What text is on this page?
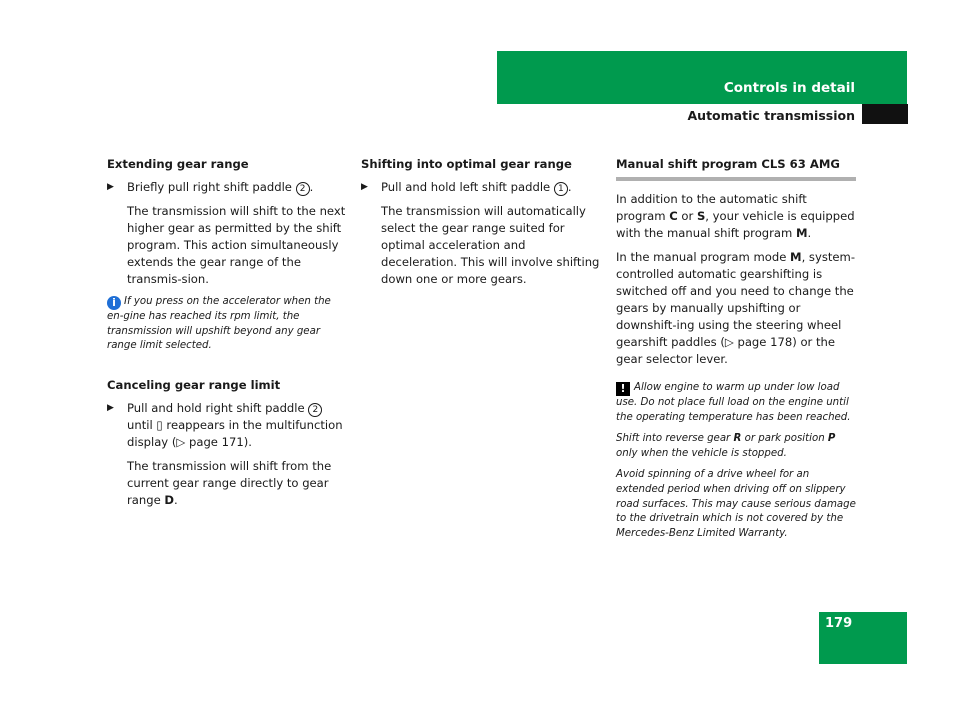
Controls in detail
Automatic transmission
Extending gear range
▶ Briefly pull right shift paddle 2 .
The transmission will shift to the next higher gear as permitted by the shift program. This action simultaneously extends the gear range of the transmis-sion.
i If you press on the accelerator when the en-gine has reached its rpm limit, the transmission will upshift beyond any gear range limit selected.
Canceling gear range limit
▶ Pull and hold right shift paddle 2 until ▯ reappears in the multifunction display (▷ page 171).
The transmission will shift from the current gear range directly to gear range D.
Shifting into optimal gear range
▶ Pull and hold left shift paddle 1 .
The transmission will automatically select the gear range suited for optimal acceleration and deceleration. This will involve shifting down one or more gears.
Manual shift program CLS 63 AMG
In addition to the automatic shift program C or S, your vehicle is equipped with the manual shift program M.
In the manual program mode M, system-controlled automatic gearshifting is switched off and you need to change the gears by manually upshifting or downshift-ing using the steering wheel gearshift paddles (▷ page 178) or the gear selector lever.
! Allow engine to warm up under low load use. Do not place full load on the engine until the operating temperature has been reached.
Shift into reverse gear R or park position P only when the vehicle is stopped.
Avoid spinning of a drive wheel for an extended period when driving off on slippery road surfaces. This may cause serious damage to the drivetrain which is not covered by the Mercedes-Benz Limited Warranty.
179
